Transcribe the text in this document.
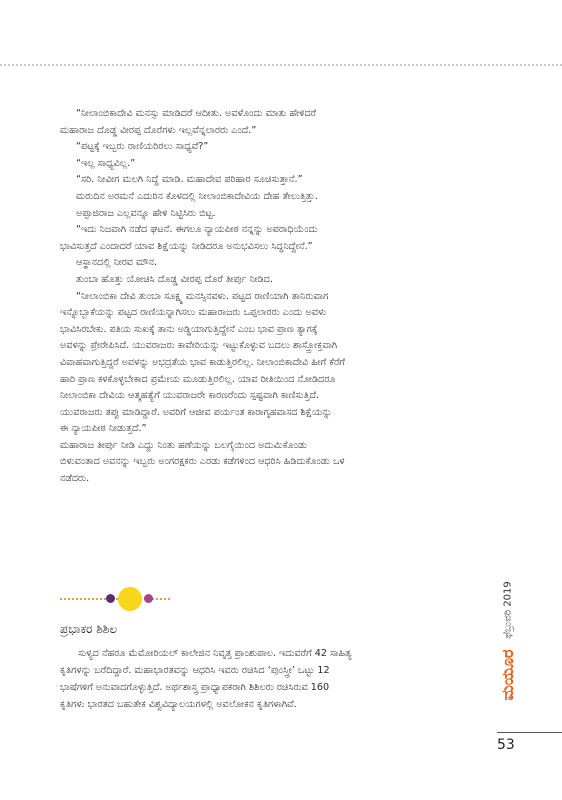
“ನೀಲಾಂಬಿಕಾದೇವಿ ಮನಸ್ಸು ಮಾಡಿದರೆ ಆದೀತು. ಅವಳೊಂದು ಮಾತು ಹೇಳಿದರೆ

ಮಹಾರಾಜ ದೊಡ್ಡ ವೀರಪ್ಪ ದೊರೆಗಳು ಇಲ್ಲವೆನ್ನಲಾರರು ಎಂದೆ.”

“ಪಟ್ಟಕ್ಕೆ ಇಬ್ಬರು ರಾಣಿಯರಿರಲು ಸಾಧ್ಯವೆ?”

“ಇಲ್ಲ ಸಾಧ್ಯವಿಲ್ಲ.”

“ಸರಿ. ನೀವೀಗ ಮಲಗಿ ನಿದ್ದೆ ಮಾಡಿ. ಮಹಾದೇವ ಪರಿಹಾರ ಸೂಚಿಸುತ್ತಾನೆ.”

ಮರುದಿನ ಅರಮನೆ ಎದುರಿನ ಕೊಳದಲ್ಲಿ ನೀಲಾಂಬಿಕಾದೇವಿಯ ದೇಹ ತೇಲುತ್ತಿತ್ತು.

ಅಪ್ಪಾಜಿರಾಜ ಎಲ್ಲವನ್ನೂ ಹೇಳಿ ನಿಟ್ಟಿಸಿರು ಬಿಟ್ಟ.

“ಇದು ನಿಜವಾಗಿ ನಡೆದ ಘಟನೆ. ಈಗಲೂ ನ್ಯಾಯಪೀಠ ನನ್ನನ್ನು ಅಪರಾಧಿಯೆಂದು

ಭಾವಿಸುತ್ತದೆ ಎಂದಾದರೆ ಯಾವ ಶಿಕ್ಷೆಯನ್ನು ನೀಡಿದರೂ ಅನುಭವಿಸಲು ಸಿದ್ಧನಿದ್ದೇನೆ.”

ಆಸ್ಥಾನದಲ್ಲಿ ನೀರವ ಮೌನ.

ತುಂಬಾ ಹೊತ್ತು ಯೋಚಿಸಿ ದೊಡ್ಡ ವೀರಪ್ಪ ದೊರೆ ತೀರ್ಪು ನೀಡಿದ.

“ನೀಲಾಂಬಿಕಾ ದೇವಿ ತುಂಬಾ ಸೂಕ್ಷ್ಮ ಮನಸ್ಸಿನವಳು. ಪಟ್ಟದ ರಾಣಿಯಾಗಿ ತಾನಿರುವಾಗ

ಇನ್ನೊಬ್ಬಾಕೆಯನ್ನು ಪಟ್ಟದ ರಾಣಿಯನ್ನಾಗಿಸಲು ಮಹಾರಾಜರು ಒಪ್ಪಲಾರರು ಎಂದು ಅವಳು

ಭಾವಿಸಿರಬೇಕು. ಪತಿಯ ಸುಖಕ್ಕೆ ತಾನು ಅಡ್ಡಿಯಾಗುತ್ತಿದ್ದೇನೆ ಎಂಬ ಭಾವ ಪ್ರಾಣ ತ್ಯಾಗಕ್ಕೆ

ಅವಳನ್ನು ಪ್ರೇರೇಪಿಸಿದೆ. ಯುವರಾಜರು ಕಾವೇರಿಯನ್ನು ಇಟ್ಟುಕೊಳ್ಳುವ ಬದಲು ಶಾಸ್ತ್ರೋಕ್ತವಾಗಿ

ವಿವಾಹವಾಗುತ್ತಿದ್ದರೆ ಅವಳನ್ನು ಅಭದ್ರತೆಯ ಭಾವ ಕಾಡುತ್ತಿರಲಿಲ್ಲ. ನೀಲಾಂಬಿಕಾದೇವಿ ಹೀಗೆ ಕೆರೆಗೆ

ಹಾರಿ ಪ್ರಾಣ ಕಳಕೊಳ್ಳಬೇಕಾದ ಪ್ರಮೇಯ ಮೂಡುತ್ತಿರಲಿಲ್ಲ. ಯಾವ ರೀತಿಯಿಂದ ನೋಡಿದರೂ

ನೀಲಾಂಬಿಕಾ ದೇವಿಯ ಆತ್ಮಹತ್ಯೆಗೆ ಯುವರಾಜರೇ ಕಾರಣರೆಂದು ಸ್ಪಷ್ಟವಾಗಿ ಕಾಣಿಸುತ್ತಿದೆ.

ಯುವರಾಜರು ತಪ್ಪು ಮಾಡಿದ್ದಾರೆ. ಅವರಿಗೆ ಆಜೀವ ಪರ್ಯಂತ ಕಾರಾಗೃಹವಾಸದ ಶಿಕ್ಷೆಯನ್ನು

ಈ ನ್ಯಾಯಪೀಠ ನೀಡುತ್ತದೆ.”

ಮಹಾರಾಜ ತೀರ್ಪು ನೀಡಿ ಎದ್ದು ನಿಂತು ಹಣೆಯನ್ನು ಬಲಗೈಯಿಂದ ಅದುಮಿಕೊಂಡು

ಬಿಳುವಂತಾದ ಅವನನ್ನು ಇಬ್ಬರು ಅಂಗರಕ್ಷಕರು ಎರಡು ಕಡೆಗಳಿಂದ ಆಧರಿಸಿ ಹಿಡಿದುಕೊಂಡು ಒಳ

ನಡೆದರು.

ಪ್ರಭಾಕರ ಶಿಶಿಲ

ಸುಳ್ಯದ ನೆಹರೂ ಮೆಮೋರಿಯಲ್ ಕಾಲೇಜಿನ ನಿವೃತ್ತ ಪ್ರಾಂಶುಪಾಲ. ಇದುವರೆಗೆ 42 ಸಾಹಿತ್ಯ

ಕೃತಿಗಳನ್ನು ಬರೆದಿದ್ದಾರೆ. ಮಹಾಭಾರತವನ್ನು ಆಧರಿಸಿ ಇವರು ರಚಿಸಿದ ‘ಪುಂಸ್ತ್ರೀ’ ಒಟ್ಟು 12

ಭಾಷೆಗಳಿಗೆ ಅನುವಾದಗೊಳ್ಳುತ್ತಿದೆ. ಅರ್ಥಶಾಸ್ತ್ರ ಪ್ರಾಧ್ಯಾಪಕರಾಗಿ ಶಿಶಿಲರು ರಚಿಸಿರುವ 160

ಕೃತಿಗಳು ಭಾರತದ ಬಹುತೇಕ ವಿಶ್ವವಿದ್ಯಾಲಯಗಳಲ್ಲಿ ಅವಲೋಕನ ಕೃತಿಗಳಾಗಿವೆ.

ಫೆಬ್ರುವರಿ 2019
ಮಯೂರ
53
